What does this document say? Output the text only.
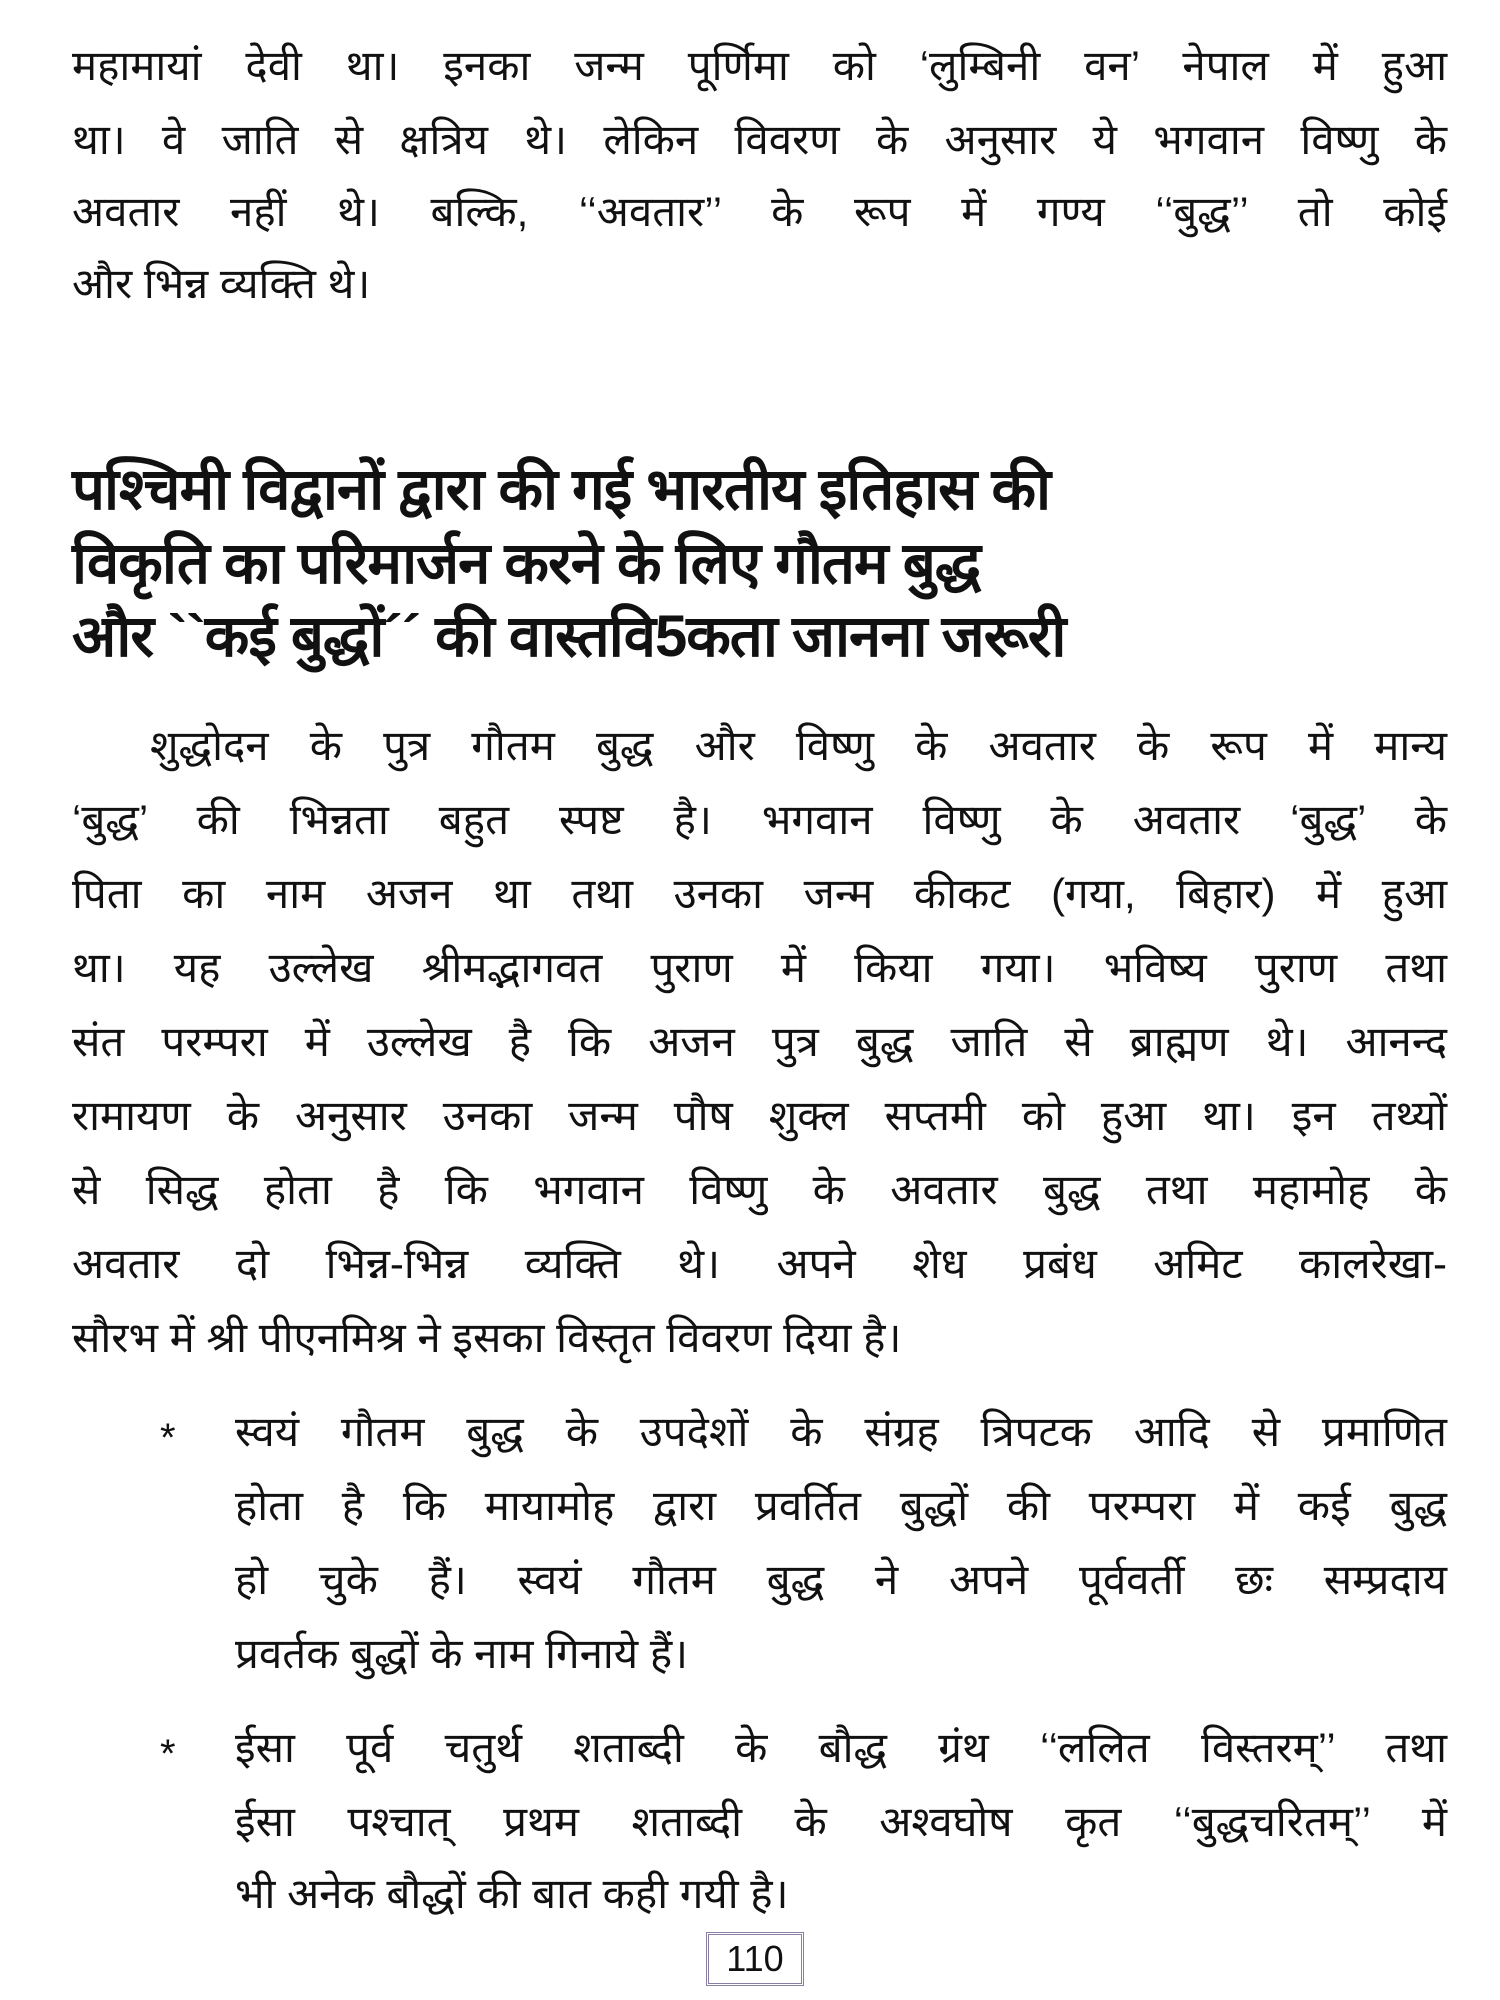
महामायां देवी था। इनका जन्म पूर्णिमा को ‘लुम्बिनी वन’ नेपाल में हुआ
था। वे जाति से क्षत्रिय थे। लेकिन विवरण के अनुसार ये भगवान विष्णु के
अवतार नहीं थे। बल्कि, ‘‘अवतार’’ के रूप में गण्य ‘‘बुद्ध’’ तो कोई
और भिन्न व्यक्ति थे।
पश्चिमी विद्वानों द्वारा की गई भारतीय इतिहास की
विकृति का परिमार्जन करने के लिए गौतम बुद्ध
और ``कई बुद्धों´´ की वास्तवि5कता जानना जरूरी
शुद्धोदन के पुत्र गौतम बुद्ध और विष्णु के अवतार के रूप में मान्य
‘बुद्ध’ की भिन्नता बहुत स्पष्ट है। भगवान विष्णु के अवतार ‘बुद्ध’ के
पिता का नाम अजन था तथा उनका जन्म कीकट (गया, बिहार) में हुआ
था। यह उल्लेख श्रीमद्भागवत पुराण में किया गया। भविष्य पुराण तथा
संत परम्परा में उल्लेख है कि अजन पुत्र बुद्ध जाति से ब्राह्मण थे। आनन्द
रामायण के अनुसार उनका जन्म पौष शुक्ल सप्तमी को हुआ था। इन तथ्यों
से सिद्ध होता है कि भगवान विष्णु के अवतार बुद्ध तथा महामोह के
अवतार दो भिन्न-भिन्न व्यक्ति थे। अपने शेध प्रबंध अमिट कालरेखा-
सौरभ में श्री पीएनमिश्र ने इसका विस्तृत विवरण दिया है।
* स्वयं गौतम बुद्ध के उपदेशों के संग्रह त्रिपटक आदि से प्रमाणित
होता है कि मायामोह द्वारा प्रवर्तित बुद्धों की परम्परा में कई बुद्ध
हो चुके हैं। स्वयं गौतम बुद्ध ने अपने पूर्ववर्ती छः सम्प्रदाय
प्रवर्तक बुद्धों के नाम गिनाये हैं।
* ईसा पूर्व चतुर्थ शताब्दी के बौद्ध ग्रंथ ‘‘ललित विस्तरम्’’ तथा
ईसा पश्चात् प्रथम शताब्दी के अश्वघोष कृत ‘‘बुद्धचरितम्’’ में
भी अनेक बौद्धों की बात कही गयी है।
110
